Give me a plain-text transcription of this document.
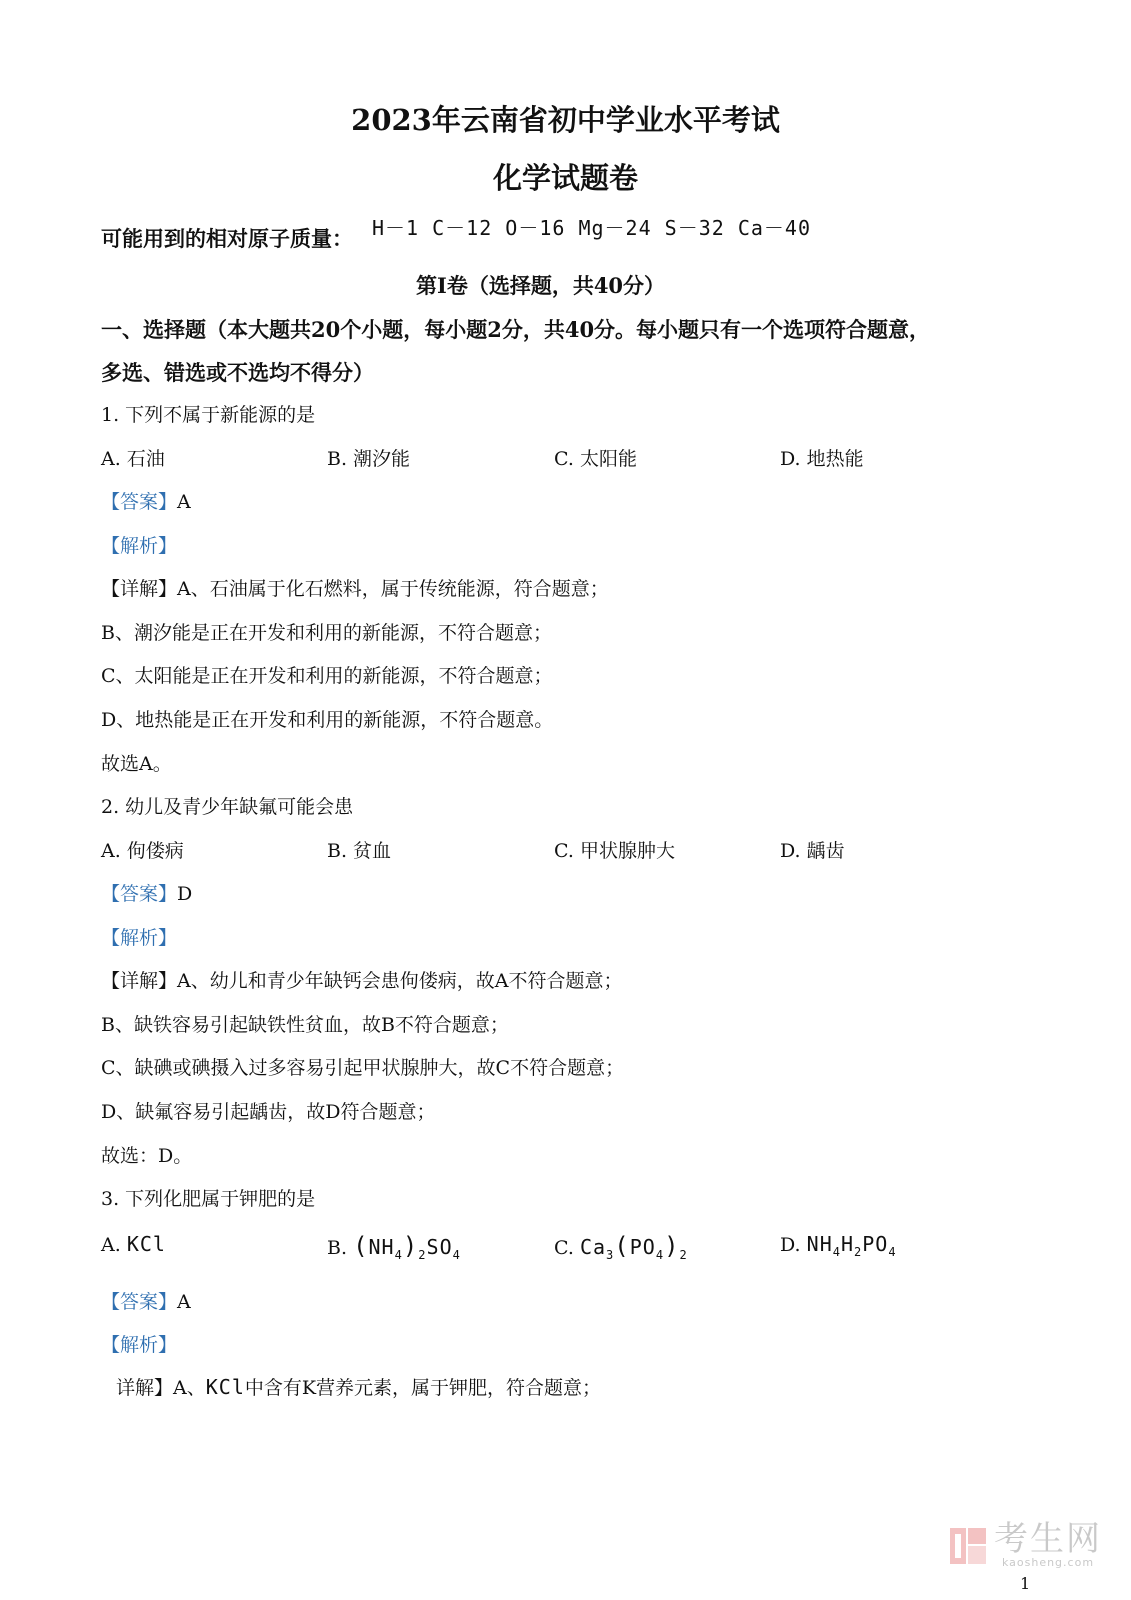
2023年云南省初中学业水平考试
化学试题卷
可能用到的相对原子质量： H－1 C－12 O－16 Mg－24 S－32 Ca－40
第Ⅰ卷（选择题，共40分）
一、选择题（本大题共20个小题，每小题2分，共40分。每小题只有一个选项符合题意，
多选、错选或不选均不得分）
1. 下列不属于新能源的是
A. 石油	B. 潮汐能	C. 太阳能	D. 地热能
【答案】A
【解析】
【详解】A、石油属于化石燃料，属于传统能源，符合题意；
B、潮汐能是正在开发和利用的新能源，不符合题意；
C、太阳能是正在开发和利用的新能源，不符合题意；
D、地热能是正在开发和利用的新能源，不符合题意。
故选A。
2. 幼儿及青少年缺氟可能会患
A. 佝偻病	B. 贫血	C. 甲状腺肿大	D. 龋齿
【答案】D
【解析】
【详解】A、幼儿和青少年缺钙会患佝偻病，故A不符合题意；
B、缺铁容易引起缺铁性贫血，故B不符合题意；
C、缺碘或碘摄入过多容易引起甲状腺肿大，故C不符合题意；
D、缺氟容易引起龋齿，故D符合题意；
故选：D。
3. 下列化肥属于钾肥的是
A. KCl	B. $(NH_4)_2SO_4$	C. $Ca_3(PO_4)_2$	D. $NH_4H_2PO_4$
【答案】A
【解析】
详解】A、KCl中含有K营养元素，属于钾肥，符合题意；
考生网
kaosheng.com
1
